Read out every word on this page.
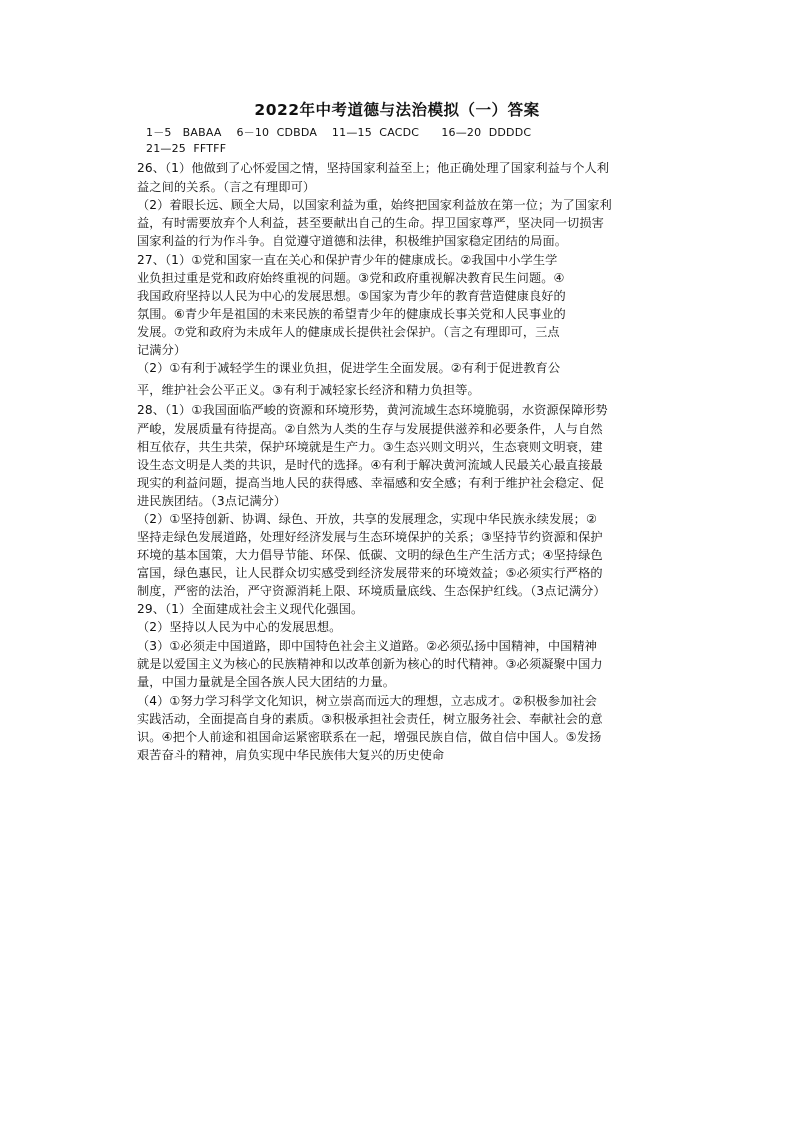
2022年中考道德与法治模拟（一）答案
1－5   BABAA    6－10  CDBDA    11—15  CACDC      16—20  DDDDC
21—25  FFTFF
26、（1）他做到了心怀爱国之情，坚持国家利益至上；他正确处理了国家利益与个人利
益之间的关系。（言之有理即可）
（2）着眼长远、顾全大局，以国家利益为重，始终把国家利益放在第一位；为了国家利
益，有时需要放弃个人利益，甚至要献出自己的生命。捍卫国家尊严，坚决同一切损害
国家利益的行为作斗争。自觉遵守道德和法律，积极维护国家稳定团结的局面。
27、（1）①党和国家一直在关心和保护青少年的健康成长。②我国中小学生学
业负担过重是党和政府始终重视的问题。③党和政府重视解决教育民生问题。④
我国政府坚持以人民为中心的发展思想。⑤国家为青少年的教育营造健康良好的
氛围。⑥青少年是祖国的未来民族的希望青少年的健康成长事关党和人民事业的
发展。⑦党和政府为未成年人的健康成长提供社会保护。（言之有理即可，三点
记满分）
（2）①有利于减轻学生的课业负担，促进学生全面发展。②有利于促进教育公
平，维护社会公平正义。③有利于减轻家长经济和精力负担等。
28、（1）①我国面临严峻的资源和环境形势，黄河流域生态环境脆弱，水资源保障形势
严峻，发展质量有待提高。②自然为人类的生存与发展提供滋养和必要条件，人与自然
相互依存，共生共荣，保护环境就是生产力。③生态兴则文明兴，生态衰则文明衰，建
设生态文明是人类的共识，是时代的选择。④有利于解决黄河流域人民最关心最直接最
现实的利益问题，提高当地人民的获得感、幸福感和安全感；有利于维护社会稳定、促
进民族团结。（3点记满分）
（2）①坚持创新、协调、绿色、开放，共享的发展理念，实现中华民族永续发展；②
坚持走绿色发展道路，处理好经济发展与生态环境保护的关系；③坚持节约资源和保护
环境的基本国策，大力倡导节能、环保、低碳、文明的绿色生产生活方式；④坚持绿色
富国，绿色惠民，让人民群众切实感受到经济发展带来的环境效益；⑤必须实行严格的
制度，严密的法治，严守资源消耗上限、环境质量底线、生态保护红线。（3点记满分）
29、（1）全面建成社会主义现代化强国。
（2）坚持以人民为中心的发展思想。
（3）①必须走中国道路，即中国特色社会主义道路。②必须弘扬中国精神，中国精神
就是以爱国主义为核心的民族精神和以改革创新为核心的时代精神。③必须凝聚中国力
量，中国力量就是全国各族人民大团结的力量。
（4）①努力学习科学文化知识，树立崇高而远大的理想，立志成才。②积极参加社会
实践活动，全面提高自身的素质。③积极承担社会责任，树立服务社会、奉献社会的意
识。④把个人前途和祖国命运紧密联系在一起，增强民族自信，做自信中国人。⑤发扬
艰苦奋斗的精神，肩负实现中华民族伟大复兴的历史使命
